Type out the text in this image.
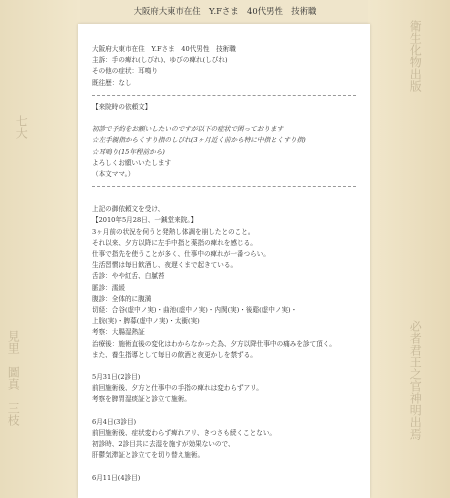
七大
見里　圖真　三枝
衛生化物出版
必者君王之官神明出焉
大阪府大東市在住　Y.Fさま　40代男性　技術職
大阪府大東市在住　Y.Fさま　40代男性　技術職
主訴：手の痺れ(しびれ)、ゆびの痺れ(しびれ)
その他の症状：耳鳴り
既往歴：なし
【来院時の依頼文】
初診で予約をお願いしたいのですが以下の症状で困っております
☆左手親指からくすり指のしびれ(3ヶ月近く前から特に中指とくすり指)
☆耳鳴り(15年程前から)
よろしくお願いいたします
（本文ママ。）
上記の御依頼文を受け、
【2010年5月28日、一鍼堂来院。】
3ヶ月前の状況を伺うと発熱し体調を崩したとのこと。
それ以来、夕方以降に左手中指と薬指の痺れを感じる。
仕事で指先を使うことが多く、仕事中の痺れが一番つらい。
生活習慣は毎日飲酒し、夜遅くまで起きている。
舌診：やや紅舌、白膩苔
脈診：濡緩
腹診：全体的に腹満
切経：合谷(虚中ノ実)・曲池(虚中ノ実)・内関(実)・後谿(虚中ノ実)・
上脘(実)・脾募(虚中ノ実)・太衝(実)
考察：大腸湿熱証
治療後：施術直後の変化はわからなかった為、夕方以降仕事中の痛みを診て頂く。
また、養生指導として毎日の飲酒と夜更かしを禁ずる。
5月31日(2診目)
前回施術後、夕方と仕事中の手指の痺れは変わらずアリ。
考察を脾胃湿痰証と診立て施術。
6月4日(3診目)
前回施術後、症状変わらず痺れアリ、きつさも続くことない。
初診時、2診目共に去湿を施すが効果ないので、
肝鬱気滞証と診立てを切り替え施術。
6月11日(4診目)
